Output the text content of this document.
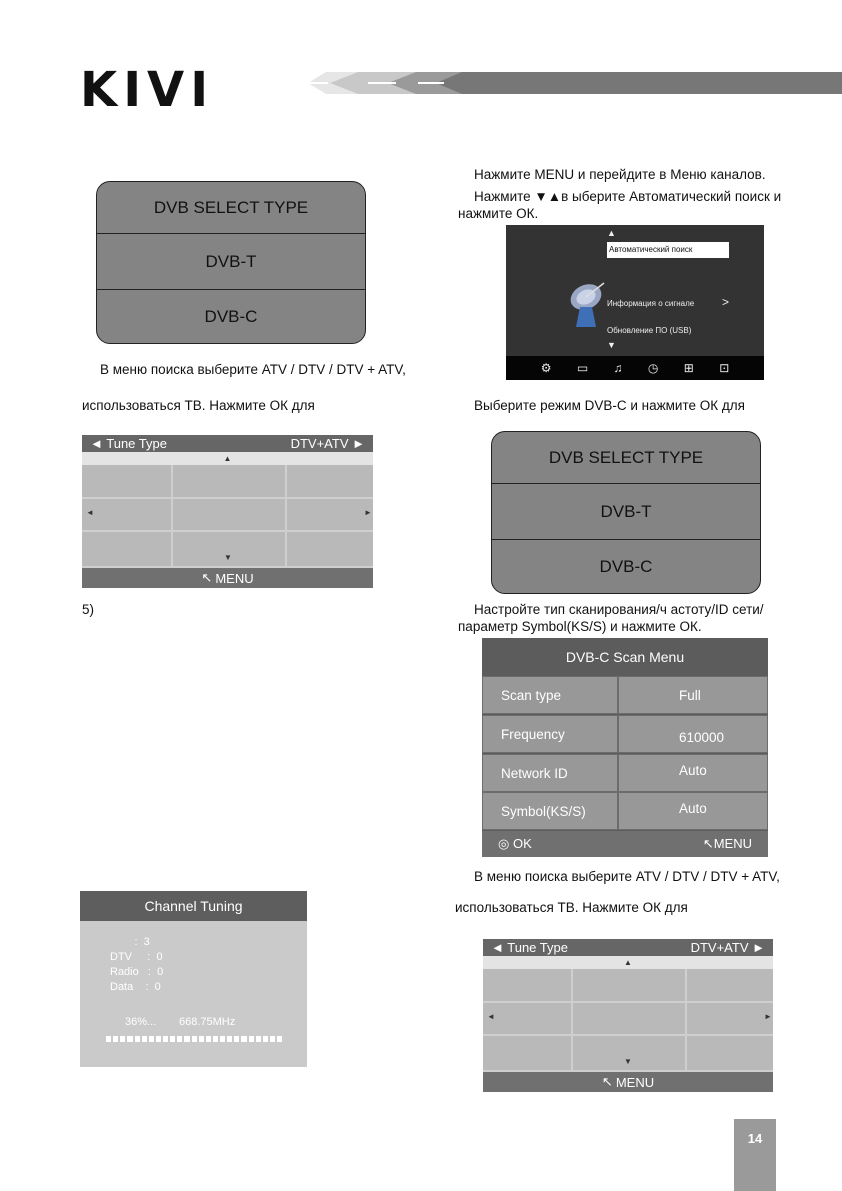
KIVI
DVB SELECT TYPE
DVB-T
DVB-C
В меню поиска выберите ATV / DTV / DTV + ATV,
использоваться ТВ. Нажмите ОК для
◄ Tune Type	DTV+ATV ►
▲
◄	►
▼
↖ MENU
5)
Channel Tuning
:  3
DTV     :  0
Radio   :  0
Data    :  0
36%... 668.75MHz
Нажмите MENU и перейдите в Меню каналов.
Нажмите ▼▲в ыберите Автоматический поиск и
нажмите ОК.
▲
Автоматический поиск
Информация о сигнале >
Обновление ПО (USB)
▼
⚙ ▭ ♫ ◷ ⊞ ⊡
Выберите режим DVB-C и нажмите ОК для
DVB SELECT TYPE
DVB-T
DVB-C
Настройте тип сканирования/ч астоту/ID сети/
параметр Symbol(KS/S) и нажмите ОК.
DVB-C Scan Menu
Scan type	Full
Frequency	610000
Network ID	Auto
Symbol(KS/S)	Auto
◎ OK	↖MENU
В меню поиска выберите ATV / DTV / DTV + ATV,
использоваться ТВ. Нажмите ОК для
◄ Tune Type	DTV+ATV ►
▲
◄	►
▼
↖ MENU
14
